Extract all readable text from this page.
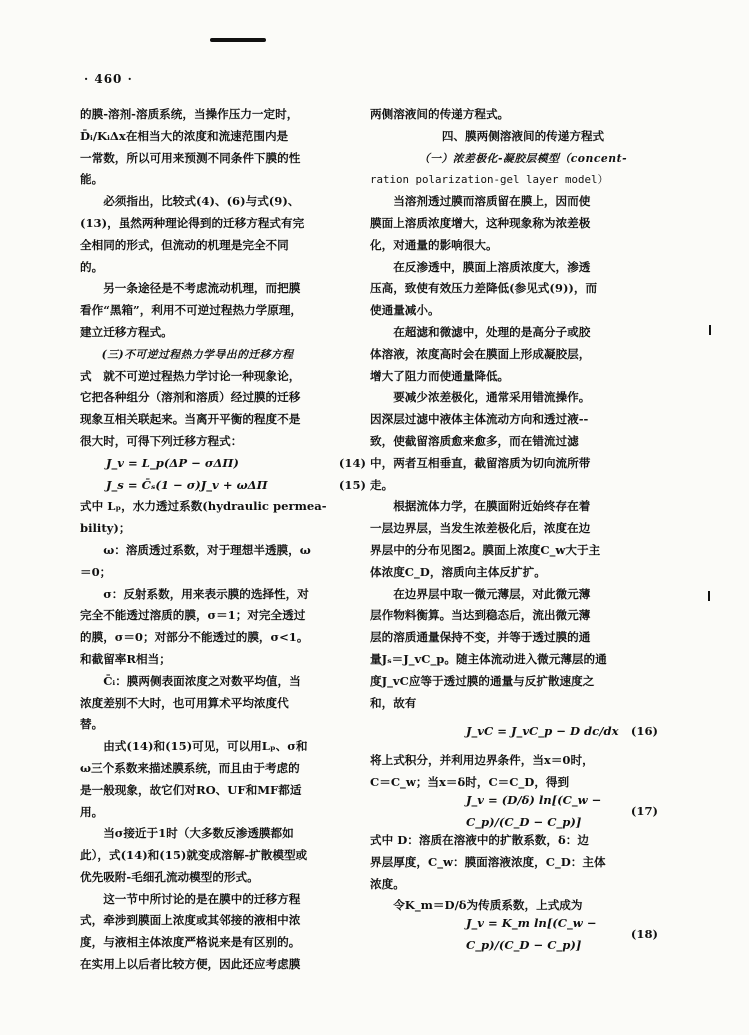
· 460 ·

的膜-溶剂-溶质系统，当操作压力一定时，

D̄ᵢ/KᵢΔx在相当大的浓度和流速范围内是

一常数，所以可用来预测不同条件下膜的性

能。

必须指出，比较式(4)、(6)与式(9)、

(13)，虽然两种理论得到的迁移方程式有完

全相同的形式，但流动的机理是完全不同

的。

另一条途径是不考虑流动机理，而把膜

看作“黑箱”，利用不可逆过程热力学原理，

建立迁移方程式。

(三)不可逆过程热力学导出的迁移方程

式　就不可逆过程热力学讨论一种现象论，

它把各种组分（溶剂和溶质）经过膜的迁移

现象互相关联起来。当离开平衡的程度不是

很大时，可得下列迁移方程式：

J_v = L_p(ΔP − σΔΠ)	(14)
J_s = C̄ₛ(1 − σ)J_v + ωΔΠ	(15)

式中 Lₚ，水力透过系数(hydraulic permea-

bility)；

ω：溶质透过系数，对于理想半透膜，ω

＝0；

σ：反射系数，用来表示膜的选择性，对

完全不能透过溶质的膜，σ＝1；对完全透过

的膜，σ＝0；对部分不能透过的膜，σ<1。

和截留率R相当；

C̄ᵢ：膜两侧表面浓度之对数平均值，当

浓度差别不大时，也可用算术平均浓度代

替。

由式(14)和(15)可见，可以用Lₚ、σ和

ω三个系数来描述膜系统，而且由于考虑的

是一般现象，故它们对RO、UF和MF都适

用。

当σ接近于1时（大多数反渗透膜都如

此），式(14)和(15)就变成溶解-扩散模型或

优先吸附-毛细孔流动模型的形式。

这一节中所讨论的是在膜中的迁移方程

式，牵涉到膜面上浓度或其邻接的液相中浓

度，与液相主体浓度严格说来是有区别的。

在实用上以后者比较方便，因此还应考虑膜

两侧溶液间的传递方程式。

四、膜两侧溶液间的传递方程式

（一）浓差极化-凝胶层模型（concent-

ration polarization-gel layer model）

当溶剂透过膜而溶质留在膜上，因而使

膜面上溶质浓度增大，这种现象称为浓差极

化，对通量的影响很大。

在反渗透中，膜面上溶质浓度大，渗透

压高，致使有效压力差降低(参见式(9))，而

使通量减小。

在超滤和微滤中，处理的是高分子或胶

体溶液，浓度高时会在膜面上形成凝胶层，

增大了阻力而使通量降低。

要减少浓差极化，通常采用错流操作。

因深层过滤中液体主体流动方向和透过液--

致，使截留溶质愈来愈多，而在错流过滤

中，两者互相垂直，截留溶质为切向流所带

走。

根据流体力学，在膜面附近始终存在着

一层边界层，当发生浓差极化后，浓度在边

界层中的分布见图2。膜面上浓度C_w大于主

体浓度C_D，溶质向主体反扩扩。

在边界层中取一微元薄层，对此微元薄

层作物料衡算。当达到稳态后，流出微元薄

层的溶质通量保持不变，并等于透过膜的通

量Jₛ＝J_vC_p。随主体流动进入微元薄层的通

度J_vC应等于透过膜的通量与反扩散速度之

和，故有

J_vC = J_vC_p − D dc/dx (16)

将上式积分，并利用边界条件，当x＝0时，

C＝C_w；当x＝δ时，C＝C_D，得到

J_v = (D/δ) ln[(C_w − C_p)/(C_D − C_p)]
(17)

式中 D：溶质在溶液中的扩散系数，δ：边

界层厚度，C_w：膜面溶液浓度，C_D：主体

浓度。

令K_m＝D/δ为传质系数，上式成为

J_v = K_m ln[(C_w − C_p)/(C_D − C_p)]
(18)
